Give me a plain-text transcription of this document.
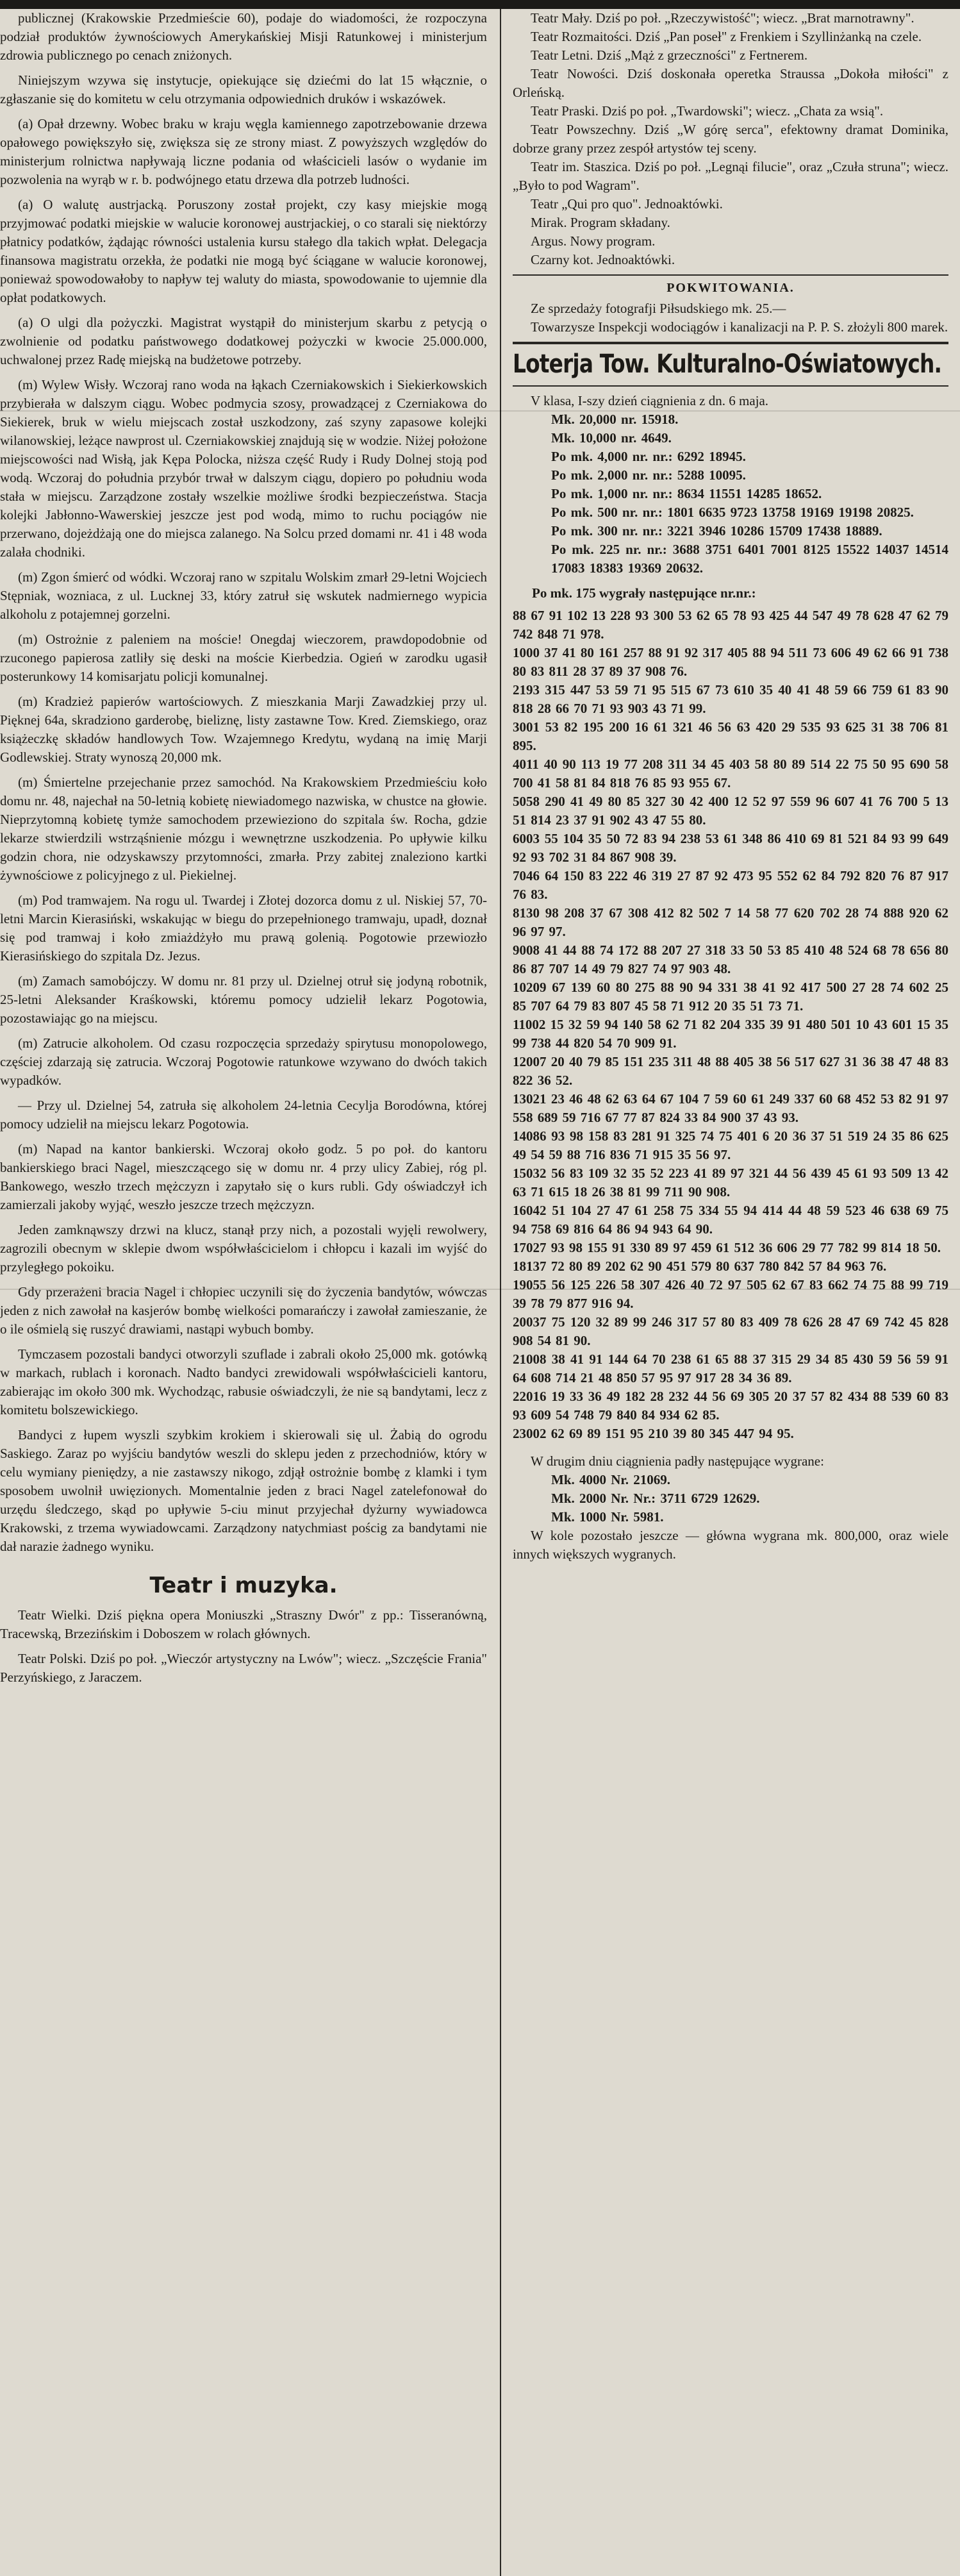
publicznej (Krakowskie Przedmieście 60), podaje do wiadomości, że rozpoczyna podział produktów żywnościowych Amerykańskiej Misji Ratunkowej i ministerjum zdrowia publicznego po cenach zniżonych.

Niniejszym wzywa się instytucje, opiekujące się dziećmi do lat 15 włącznie, o zgłaszanie się do komitetu w celu otrzymania odpowiednich druków i wskazówek.

(a) Opał drzewny. Wobec braku w kraju węgla kamiennego zapotrzebowanie drzewa opałowego powiększyło się, zwiększa się ze strony miast. Z powyższych względów do ministerjum rolnictwa napływają liczne podania od właścicieli lasów o wydanie im pozwolenia na wyrąb w r. b. podwójnego etatu drzewa dla potrzeb ludności.

(a) O walutę austrjacką. Poruszony został projekt, czy kasy miejskie mogą przyjmować podatki miejskie w walucie koronowej austrjackiej, o co starali się niektórzy płatnicy podatków, żądając równości ustalenia kursu stałego dla takich wpłat. Delegacja finansowa magistratu orzekła, że podatki nie mogą być ściągane w walucie koronowej, ponieważ spowodowałoby to napływ tej waluty do miasta, spowodowanie to ujemnie dla opłat podatkowych.

(a) O ulgi dla pożyczki. Magistrat wystąpił do ministerjum skarbu z petycją o zwolnienie od podatku państwowego dodatkowej pożyczki w kwocie 25.000.000, uchwalonej przez Radę miejską na budżetowe potrzeby.

(m) Wylew Wisły. Wczoraj rano woda na łąkach Czerniakowskich i Siekierkowskich przybierała w dalszym ciągu. Wobec podmycia szosy, prowadzącej z Czerniakowa do Siekierek, bruk w wielu miejscach został uszkodzony, zaś szyny zapasowe kolejki wilanowskiej, leżące nawprost ul. Czerniakowskiej znajdują się w wodzie. Niżej położone miejscowości nad Wisłą, jak Kępa Polocka, niższa część Rudy i Rudy Dolnej stoją pod wodą. Wczoraj do południa przybór trwał w dalszym ciągu, dopiero po południu woda stała w miejscu. Zarządzone zostały wszelkie możliwe środki bezpieczeństwa. Stacja kolejki Jabłonno-Wawerskiej jeszcze jest pod wodą, mimo to ruchu pociągów nie przerwano, dojeżdżają one do miejsca zalanego. Na Solcu przed domami nr. 41 i 48 woda zalała chodniki.

(m) Zgon śmierć od wódki. Wczoraj rano w szpitalu Wolskim zmarł 29-letni Wojciech Stępniak, wozniaca, z ul. Lucknej 33, który zatruł się wskutek nadmiernego wypicia alkoholu z potajemnej gorzelni.

(m) Ostrożnie z paleniem na moście! Onegdaj wieczorem, prawdopodobnie od rzuconego papierosa zatliły się deski na moście Kierbedzia. Ogień w zarodku ugasił posterunkowy 14 komisarjatu policji komunalnej.

(m) Kradzież papierów wartościowych. Z mieszkania Marji Zawadzkiej przy ul. Pięknej 64a, skradziono garderobę, bieliznę, listy zastawne Tow. Kred. Ziemskiego, oraz książeczkę składów handlowych Tow. Wzajemnego Kredytu, wydaną na imię Marji Godlewskiej. Straty wynoszą 20,000 mk.

(m) Śmiertelne przejechanie przez samochód. Na Krakowskiem Przedmieściu koło domu nr. 48, najechał na 50-letnią kobietę niewiadomego nazwiska, w chustce na głowie. Nieprzytomną kobietę tymże samochodem przewieziono do szpitala św. Rocha, gdzie lekarze stwierdzili wstrząśnienie mózgu i wewnętrzne uszkodzenia. Po upływie kilku godzin chora, nie odzyskawszy przytomności, zmarła. Przy zabitej znaleziono kartki żywnościowe z policyjnego z ul. Piekielnej.

(m) Pod tramwajem. Na rogu ul. Twardej i Złotej dozorca domu z ul. Niskiej 57, 70-letni Marcin Kierasiński, wskakując w biegu do przepełnionego tramwaju, upadł, doznał się pod tramwaj i koło zmiażdżyło mu prawą golenią. Pogotowie przewiozło Kierasińskiego do szpitala Dz. Jezus.

(m) Zamach samobójczy. W domu nr. 81 przy ul. Dzielnej otruł się jodyną robotnik, 25-letni Aleksander Kraśkowski, któremu pomocy udzielił lekarz Pogotowia, pozostawiając go na miejscu.

(m) Zatrucie alkoholem. Od czasu rozpoczęcia sprzedaży spirytusu monopolowego, częściej zdarzają się zatrucia. Wczoraj Pogotowie ratunkowe wzywano do dwóch takich wypadków.

— Przy ul. Dzielnej 54, zatruła się alkoholem 24-letnia Cecylja Borodówna, której pomocy udzielił na miejscu lekarz Pogotowia.

(m) Napad na kantor bankierski. Wczoraj około godz. 5 po poł. do kantoru bankierskiego braci Nagel, mieszczącego się w domu nr. 4 przy ulicy Zabiej, róg pl. Bankowego, weszło trzech mężczyzn i zapytało się o kurs rubli. Gdy oświadczył ich zamierzali jakoby wyjąć, weszło jeszcze trzech mężczyzn.

Jeden zamknąwszy drzwi na klucz, stanął przy nich, a pozostali wyjęli rewolwery, zagrozili obecnym w sklepie dwom współwłaścicielom i chłopcu i kazali im wyjść do przyległego pokoiku.

Gdy przerażeni bracia Nagel i chłopiec uczynili się do życzenia bandytów, wówczas jeden z nich zawołał na kasjerów bombę wielkości pomarańczy i zawołał zamieszanie, że o ile ośmielą się ruszyć drawiami, nastąpi wybuch bomby.

Tymczasem pozostali bandyci otworzyli szuflade i zabrali około 25,000 mk. gotówką w markach, rublach i koronach. Nadto bandyci zrewidowali współwłaścicieli kantoru, zabierając im około 300 mk. Wychodząc, rabusie oświadczyli, że nie są bandytami, lecz z komitetu bolszewickiego.

Bandyci z łupem wyszli szybkim krokiem i skierowali się ul. Żabią do ogrodu Saskiego. Zaraz po wyjściu bandytów weszli do sklepu jeden z przechodniów, który w celu wymiany pieniędzy, a nie zastawszy nikogo, zdjął ostrożnie bombę z klamki i tym sposobem uwolnił uwięzionych. Momentalnie jeden z braci Nagel zatelefonował do urzędu śledczego, skąd po upływie 5-ciu minut przyjechał dyżurny wywiadowca Krakowski, z trzema wywiadowcami. Zarządzony natychmiast pościg za bandytami nie dał narazie żadnego wyniku.

Teatr i muzyka.

Teatr Wielki. Dziś piękna opera Moniuszki „Straszny Dwór" z pp.: Tisseranówną, Tracewską, Brzezińskim i Doboszem w rolach głównych.

Teatr Polski. Dziś po poł. „Wieczór artystyczny na Lwów"; wiecz. „Szczęście Frania" Perzyńskiego, z Jaraczem.

Teatr Mały. Dziś po poł. „Rzeczywistość"; wiecz. „Brat marnotrawny".

Teatr Rozmaitości. Dziś „Pan poseł" z Frenkiem i Szyllinżanką na czele.

Teatr Letni. Dziś „Mąż z grzeczności" z Fertnerem.

Teatr Nowości. Dziś doskonała operetka Straussa „Dokoła miłości" z Orleńską.

Teatr Praski. Dziś po poł. „Twardowski"; wiecz. „Chata za wsią".

Teatr Powszechny. Dziś „W górę serca", efektowny dramat Dominika, dobrze grany przez zespół artystów tej sceny.

Teatr im. Staszica. Dziś po poł. „Legnąi filucie", oraz „Czuła struna"; wiecz. „Było to pod Wagram".

Teatr „Qui pro quo". Jednoaktówki.

Mirak. Program składany.

Argus. Nowy program.

Czarny kot. Jednoaktówki.

POKWITOWANIA.

Ze sprzedaży fotografji Piłsudskiego mk. 25.—

Towarzysze Inspekcji wodociągów i kanalizacji na P. P. S. złożyli 800 marek.

Loterja Tow. Kulturalno-Oświatowych.

V klasa, I-szy dzień ciągnienia z dn. 6 maja.

Mk. 20,000 nr. 15918.

Mk. 10,000 nr. 4649.

Po mk. 4,000 nr. nr.: 6292 18945.

Po mk. 2,000 nr. nr.: 5288 10095.

Po mk. 1,000 nr. nr.: 8634 11551 14285 18652.

Po mk. 500 nr. nr.: 1801 6635 9723 13758 19169 19198 20825.

Po mk. 300 nr. nr.: 3221 3946 10286 15709 17438 18889.

Po mk. 225 nr. nr.: 3688 3751 6401 7001 8125 15522 14037 14514 17083 18383 19369 20632.

Po mk. 175 wygrały następujące nr.nr.:

88 67 91 102 13 228 93 300 53 62 65 78 93 425 44 547 49 78 628 47 62 79 742 848 71 978.

1000 37 41 80 161 257 88 91 92 317 405 88 94 511 73 606 49 62 66 91 738 80 83 811 28 37 89 37 908 76.

2193 315 447 53 59 71 95 515 67 73 610 35 40 41 48 59 66 759 61 83 90 818 28 66 70 71 93 903 43 71 99.

3001 53 82 195 200 16 61 321 46 56 63 420 29 535 93 625 31 38 706 81 895.

4011 40 90 113 19 77 208 311 34 45 403 58 80 89 514 22 75 50 95 690 58 700 41 58 81 84 818 76 85 93 955 67.

5058 290 41 49 80 85 327 30 42 400 12 52 97 559 96 607 41 76 700 5 13 51 814 23 37 91 902 43 47 55 80.

6003 55 104 35 50 72 83 94 238 53 61 348 86 410 69 81 521 84 93 99 649 92 93 702 31 84 867 908 39.

7046 64 150 83 222 46 319 27 87 92 473 95 552 62 84 792 820 76 87 917 76 83.

8130 98 208 37 67 308 412 82 502 7 14 58 77 620 702 28 74 888 920 62 96 97 97.

9008 41 44 88 74 172 88 207 27 318 33 50 53 85 410 48 524 68 78 656 80 86 87 707 14 49 79 827 74 97 903 48.

10209 67 139 60 80 275 88 90 94 331 38 41 92 417 500 27 28 74 602 25 85 707 64 79 83 807 45 58 71 912 20 35 51 73 71.

11002 15 32 59 94 140 58 62 71 82 204 335 39 91 480 501 10 43 601 15 35 99 738 44 820 54 70 909 91.

12007 20 40 79 85 151 235 311 48 88 405 38 56 517 627 31 36 38 47 48 83 822 36 52.

13021 23 46 48 62 63 64 67 104 7 59 60 61 249 337 60 68 452 53 82 91 97 558 689 59 716 67 77 87 824 33 84 900 37 43 93.

14086 93 98 158 83 281 91 325 74 75 401 6 20 36 37 51 519 24 35 86 625 49 54 59 88 716 836 71 915 35 56 97.

15032 56 83 109 32 35 52 223 41 89 97 321 44 56 439 45 61 93 509 13 42 63 71 615 18 26 38 81 99 711 90 908.

16042 51 104 27 47 61 258 75 334 55 94 414 44 48 59 523 46 638 69 75 94 758 69 816 64 86 94 943 64 90.

17027 93 98 155 91 330 89 97 459 61 512 36 606 29 77 782 99 814 18 50.

18137 72 80 89 202 62 90 451 579 80 637 780 842 57 84 963 76.

19055 56 125 226 58 307 426 40 72 97 505 62 67 83 662 74 75 88 99 719 39 78 79 877 916 94.

20037 75 120 32 89 99 246 317 57 80 83 409 78 626 28 47 69 742 45 828 908 54 81 90.

21008 38 41 91 144 64 70 238 61 65 88 37 315 29 34 85 430 59 56 59 91 64 608 714 21 48 850 57 95 97 917 28 34 36 89.

22016 19 33 36 49 182 28 232 44 56 69 305 20 37 57 82 434 88 539 60 83 93 609 54 748 79 840 84 934 62 85.

23002 62 69 89 151 95 210 39 80 345 447 94 95.

W drugim dniu ciągnienia padły następujące wygrane:

Mk. 4000 Nr. 21069.

Mk. 2000 Nr. Nr.: 3711 6729 12629.

Mk. 1000 Nr. 5981.

W kole pozostało jeszcze — główna wygrana mk. 800,000, oraz wiele innych większych wygranych.
